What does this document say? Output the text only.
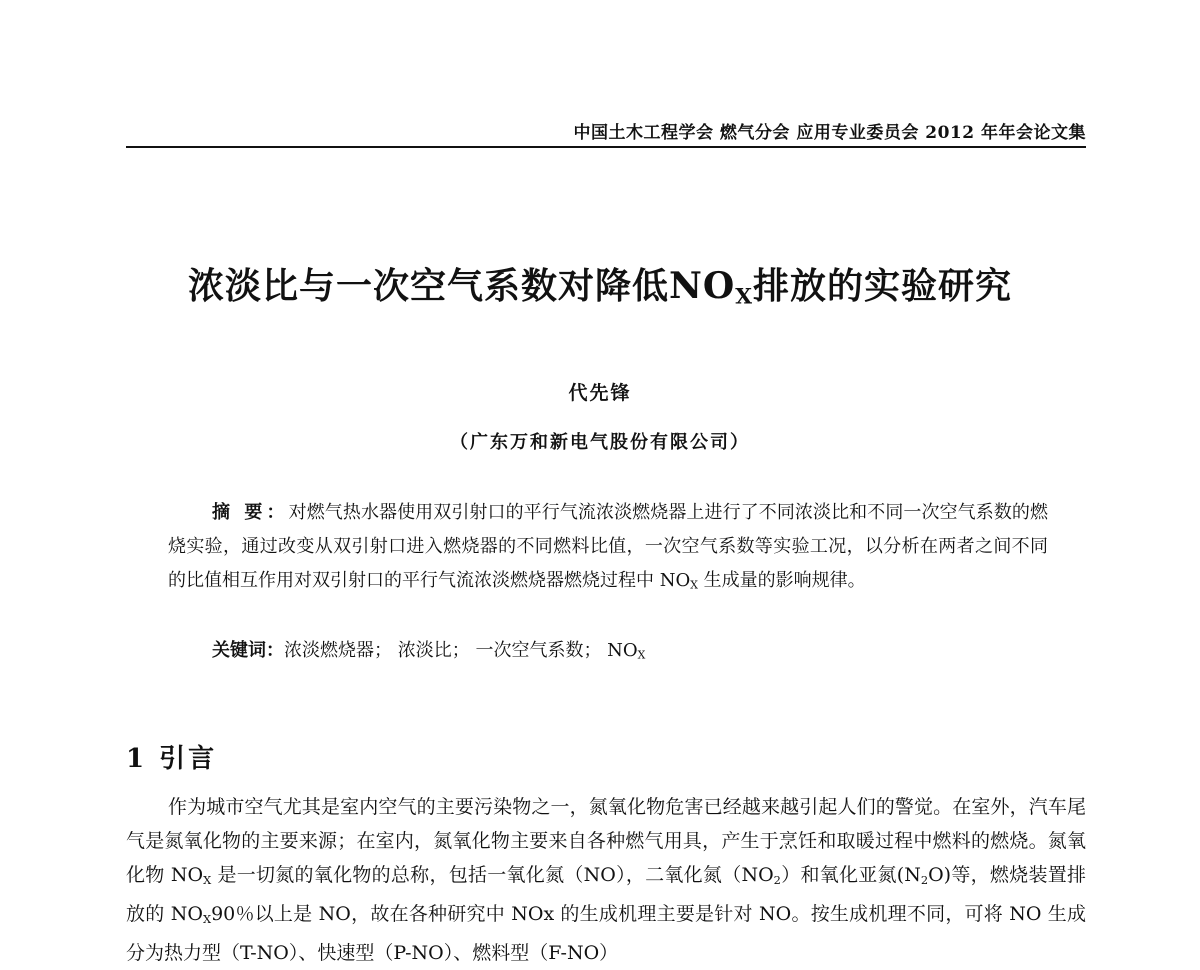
中国土木工程学会 燃气分会 应用专业委员会 2012 年年会论文集
浓淡比与一次空气系数对降低$NO_X$排放的实验研究
代先锋
（广东万和新电气股份有限公司）
摘 要：对燃气热水器使用双引射口的平行气流浓淡燃烧器上进行了不同浓淡比和不同一次空气系数的燃烧实验，通过改变从双引射口进入燃烧器的不同燃料比值，一次空气系数等实验工况，以分析在两者之间不同的比值相互作用对双引射口的平行气流浓淡燃烧器燃烧过程中 $NO_X$ 生成量的影响规律。
关键词：浓淡燃烧器； 浓淡比； 一次空气系数； $NO_X$
1 引言

作为城市空气尤其是室内空气的主要污染物之一，氮氧化物危害已经越来越引起人们的警觉。在室外，汽车尾气是氮氧化物的主要来源；在室内，氮氧化物主要来自各种燃气用具，产生于烹饪和取暖过程中燃料的燃烧。氮氧化物 $NO_X$ 是一切氮的氧化物的总称，包括一氧化氮（NO），二氧化氮$(NO_2)$和氧化亚氮$(N_2O)$等，燃烧装置排放的 $NO_X90$％以上是 NO，故在各种研究中 NOx 的生成机理主要是针对 NO。按生成机理不同，可将 NO 生成分为热力型（T-NO）、快速型（P-NO）、燃料型（F-NO）
